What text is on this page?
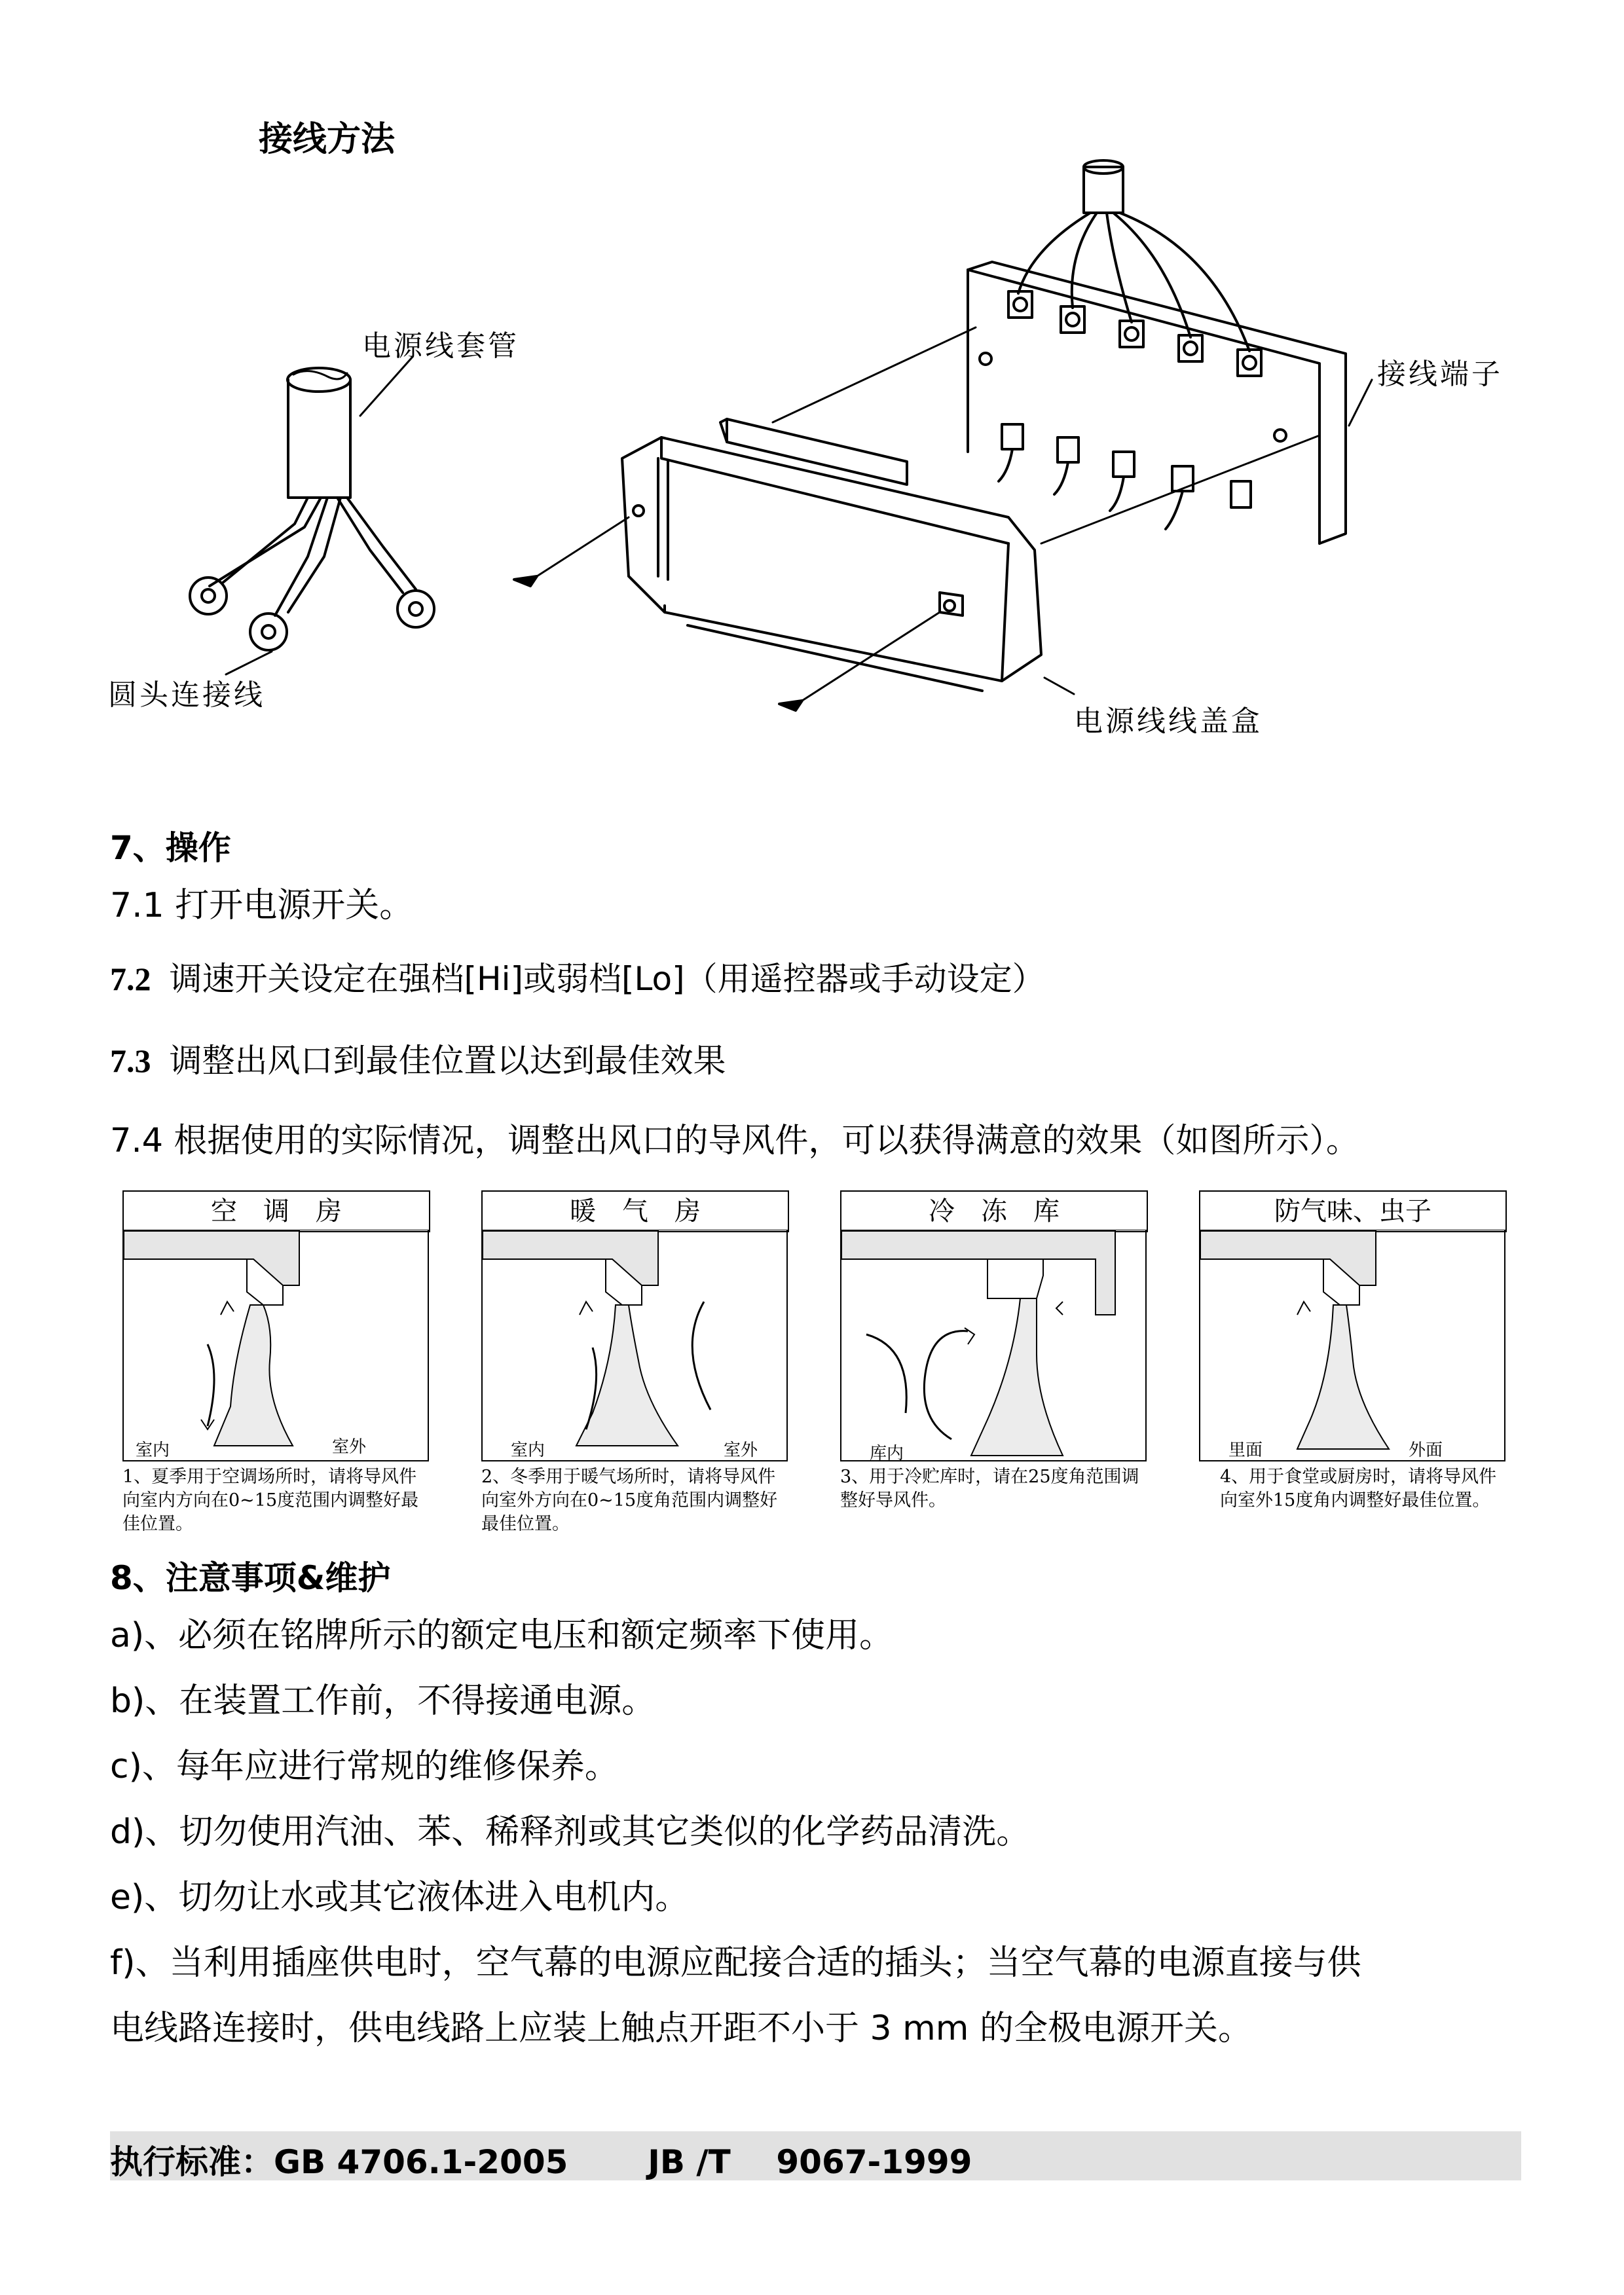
接线方法
电源线套管
圆头连接线
接线端子
电源线线盖盒
7、操作
7.1 打开电源开关。
7.2 调速开关设定在强档[Hi]或弱档[Lo]（用遥控器或手动设定）
7.3 调整出风口到最佳位置以达到最佳效果
7.4 根据使用的实际情况，调整出风口的导风件，可以获得满意的效果（如图所示）。
空　调　房
室内	室外
暖　气　房
室内	室外
冷　冻　库
库内
防气味、虫子
里面	外面
1、夏季用于空调场所时，请将导风件向室内方向在0~15度范围内调整好最佳位置。
2、冬季用于暖气场所时，请将导风件向室外方向在0~15度角范围内调整好最佳位置。
3、用于冷贮库时，请在25度角范围调整好导风件。
4、用于食堂或厨房时，请将导风件向室外15度角内调整好最佳位置。
8、注意事项&维护
a)、必须在铭牌所示的额定电压和额定频率下使用。
b)、在装置工作前，不得接通电源。
c)、每年应进行常规的维修保养。
d)、切勿使用汽油、苯、稀释剂或其它类似的化学药品清洗。
e)、切勿让水或其它液体进入电机内。
f)、当利用插座供电时，空气幕的电源应配接合适的插头；当空气幕的电源直接与供
电线路连接时，供电线路上应装上触点开距不小于 3 mm 的全极电源开关。
执行标准：GB 4706.1-2005       JB /T    9067-1999
